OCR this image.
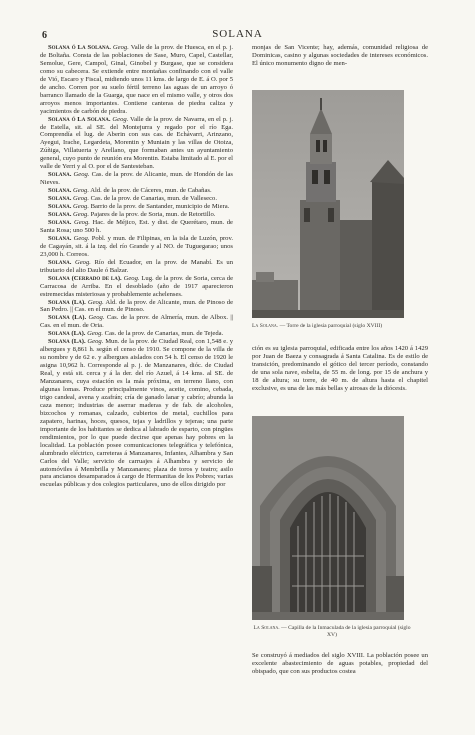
6	SOLANA

Solana ó La Solana. Geog. Valle de la prov. de Huesca, en el p. j. de Boltaña. Consta de las poblaciones de Sase, Muro, Capel, Castellar, Semolue, Gere, Campol, Ginal, Ginobel y Burgase, que se considera como su cabecera. Se extiende entre montañas confinando con el valle de Vió, Escaro y Fiscal, midiendo unos 11 kms. de largo de E. á O. por 5 de ancho. Corren por su suelo fértil terreno las aguas de un arroyo ó barranco llamado de la Guarga, que nace en el mismo valle, y otros dos arroyos menos importantes. Contiene canteras de piedra caliza y yacimientos de carbón de piedra.

Solana ó La Solana. Geog. Valle de la prov. de Navarra, en el p. j. de Estella, sit. al SE. del Montejurra y regado por el río Ega. Comprendía el lug. de Aberin con sus cas. de Echávarri, Arinzano, Ayegui, Irache, Legardeta, Morentin y Muniain y las villas de Otoiza, Zúñiga, Villatuerta y Arellano, que formaban antes un ayuntamiento general, cuyo punto de reunión era Morentin. Estaba limitado al E. por el valle de Yerri y al O. por el de Santesteban.

Solana. Geog. Cas. de la prov. de Alicante, mun. de Hondón de las Nieves.

Solana. Geog. Ald. de la prov. de Cáceres, mun. de Cabañas.

Solana. Geog. Cas. de la prov. de Canarias, mun. de Valleseco.

Solana. Geog. Barrio de la prov. de Santander, municipio de Miera.

Solana. Geog. Pajares de la prov. de Soria, mun. de Retortillo.

Solana. Geog. Hac. de Méjico, Est. y dist. de Querétaro, mun. de Santa Rosa; uno 500 h.

Solana. Geog. Pobl. y mun. de Filipinas, en la isla de Luzón, prov. de Cagayán, sit. á la izq. del río Grande y al NO. de Tuguegarao; unos 23,000 h. Correos.

Solana. Geog. Río del Ecuador, en la prov. de Manabí. Es un tributario del alto Daule ó Balzar.

Solana (Cerrado de la). Geog. Lug. de la prov. de Soria, cerca de Carracosa de Arriba. En el desoblado (año de 1917 aparecieron estremecidas misteriosas y probablemente achelenses.

Solana (La). Geog. Ald. de la prov. de Alicante, mun. de Pinoso de San Pedro. || Cas. en el mun. de Pinoso.

Solana (La). Geog. Cas. de la prov. de Almería, mun. de Albox. || Cas. en el mun. de Oria.

Solana (La). Geog. Cas. de la prov. de Canarias, mun. de Tejeda.

Solana (La). Geog. Mun. de la prov. de Ciudad Real, con 1,548 e. y albergues y 8,861 h. según el censo de 1910. Se compone de la villa de su nombre y de 62 e. y albergues aislados con 54 h. El censo de 1920 le asigna 10,962 h. Corresponde al p. j. de Manzanares, dióc. de Ciudad Real, y está sit. cerca y á la der. del río Azuel, á 14 kms. al SE. de Manzanares, cuya estación es la más próxima, en terreno llano, con algunas lomas. Produce principalmente vinos, aceite, comino, cebada, trigo candeal, avena y azafrán; cría de ganado lanar y cabrío; abunda la caza menor; industrias de aserrar maderas y de fab. de alcoholes, bizcochos y romanas, calzado, cubiertos de metal, cuchillos para zapatero, harinas, hoces, quesos, tejas y ladrillos y tejeras; una parte importante de los habitantes se dedica al labrado de esparto, con pingües rendimientos, por lo que puede decirse que apenas hay pobres en la localidad. La población posee comunicaciones telegráfica y telefónica, alumbrado eléctrico, carreteras á Manzanares, Infantes, Alhambra y San Carlos del Valle; servicio de carruajes á Alhambra y servicio de automóviles á Membrilla y Manzanares; plaza de toros y teatro; asilo para ancianos desamparados á cargo de Hermanitas de los Pobres; varias escuelas públicas y dos colegios particulares, uno de ellos dirigido por

monjas de San Vicente; hay, además, comunidad religiosa de Dominicas, casino y algunas sociedades de intereses económicos. El único monumento digno de men-

La Solana. — Torre de la iglesia parroquial (siglo XVIII)

ción es su iglesia parroquial, edificada entre los años 1420 á 1429 por Juan de Baeza y consagrada á Santa Catalina. Es de estilo de transición, predominando el gótico del tercer período, constando de una sola nave, esbelta, de 55 m. de long. por 15 de anchura y 18 de altura; su torre, de 40 m. de altura hasta el chapitel exclusive, es una de las más bellas y airosas de la diócesis.

La Solana. — Capilla de la Inmaculada de la iglesia parroquial (siglo XV)

Se construyó á mediados del siglo XVIII. La población posee un excelente abastecimiento de aguas potables, propiedad del obispado, que con sus productos costea
